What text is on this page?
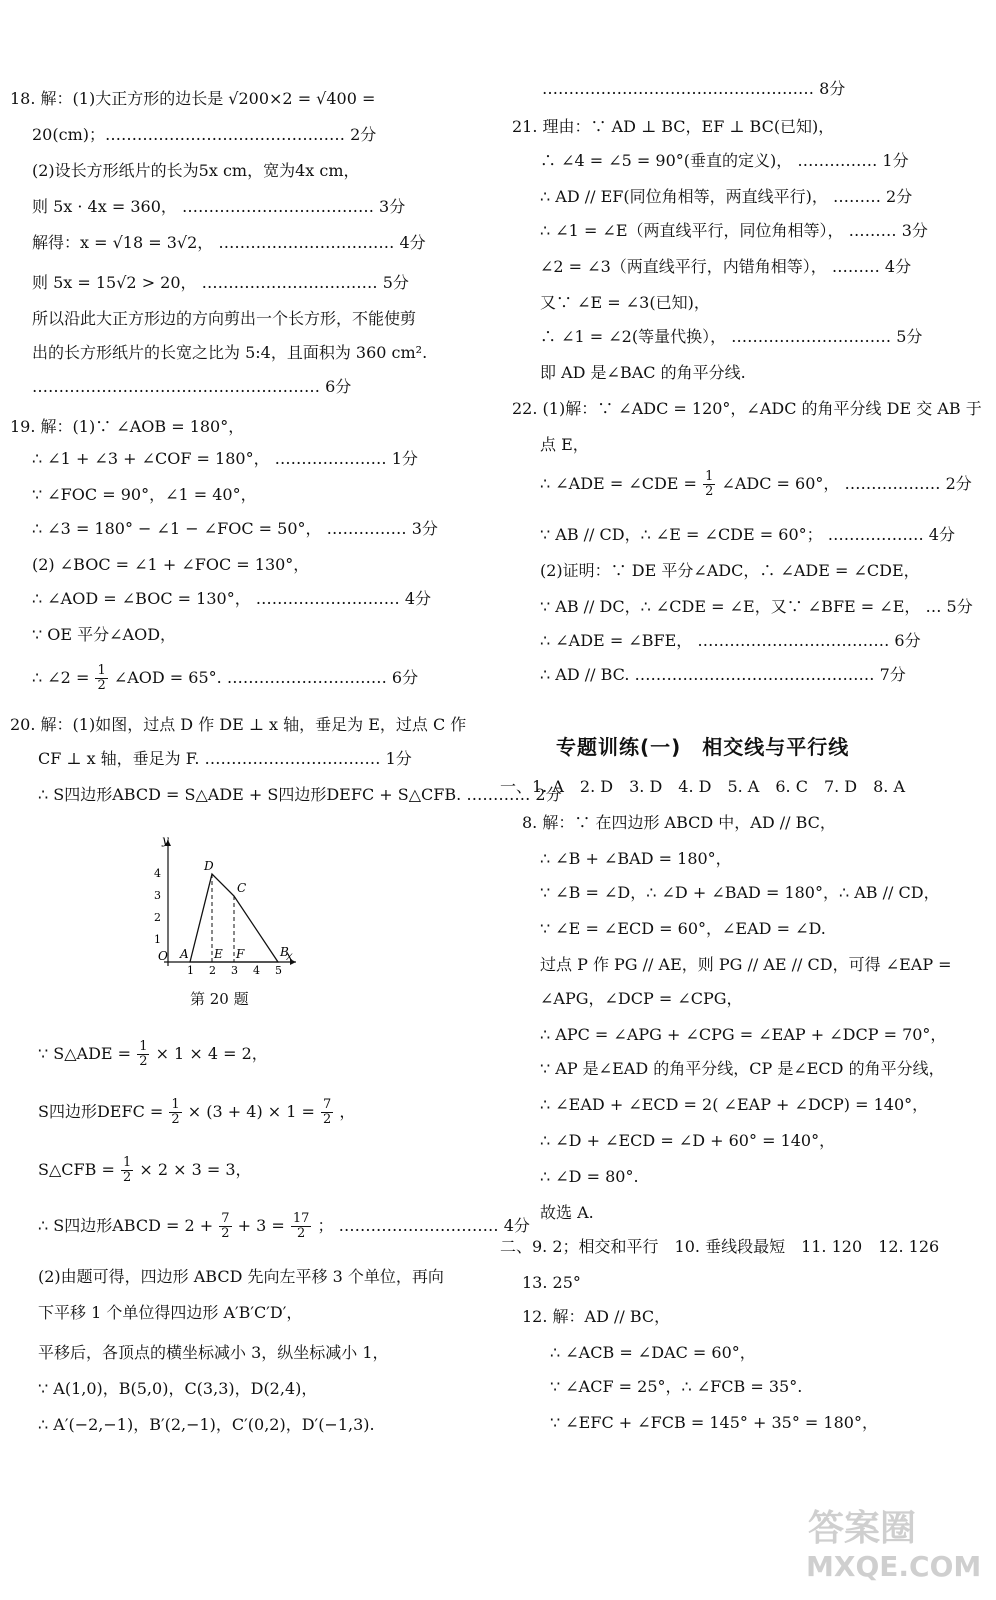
18. 解：(1)大正方形的边长是 √200×2 = √400 =
20(cm)；……………………………………… 2分
(2)设长方形纸片的长为5x cm，宽为4x cm，
则 5x · 4x = 360， ……………………………… 3分
解得：x = √18 = 3√2， …………………………… 4分
则 5x = 15√2 > 20， …………………………… 5分
所以沿此大正方形边的方向剪出一个长方形，不能使剪
出的长方形纸片的长宽之比为 5:4，且面积为 360 cm².
……………………………………………… 6分
19. 解：(1)∵ ∠AOB = 180°，
∴ ∠1 + ∠3 + ∠COF = 180°， ………………… 1分
∵ ∠FOC = 90°，∠1 = 40°，
∴ ∠3 = 180° − ∠1 − ∠FOC = 50°， …………… 3分
(2) ∠BOC = ∠1 + ∠FOC = 130°，
∴ ∠AOD = ∠BOC = 130°， ……………………… 4分
∵ OE 平分∠AOD，
∴ ∠2 = $\frac{1}{2}$ ∠AOD = 65°. ………………………… 6分
20. 解：(1)如图，过点 D 作 DE ⊥ x 轴，垂足为 E，过点 C 作
CF ⊥ x 轴，垂足为 F. …………………………… 1分
∴ S四边形ABCD = S△ADE + S四边形DEFC + S△CFB. ………… 2分
y
x
O
1
2
3
4
1 2 3 4 5
A
D
C
B
E F
第 20 题
∵ S△ADE = $\frac{1}{2} \times 1 \times 4 = 2$，
S四边形DEFC = $\frac{1}{2} \times (3 + 4) \times 1 = \frac{7}{2}$ ，
S△CFB = $\frac{1}{2} \times 2 \times 3 = 3$，
∴ S四边形ABCD = $2 + \frac{7}{2} + 3 = \frac{17}{2}$ ； ………………………… 4分
(2)由题可得，四边形 ABCD 先向左平移 3 个单位，再向
下平移 1 个单位得四边形 A′B′C′D′，
平移后，各顶点的横坐标减小 3，纵坐标减小 1，
∵ A(1,0)，B(5,0)，C(3,3)，D(2,4)，
∴ A′(−2,−1)，B′(2,−1)，C′(0,2)，D′(−1,3).
…………………………………………… 8分
21. 理由：∵ AD ⊥ BC，EF ⊥ BC(已知)，
∴ ∠4 = ∠5 = 90°(垂直的定义)， …………… 1分
∴ AD // EF(同位角相等，两直线平行)， ……… 2分
∴ ∠1 = ∠E（两直线平行，同位角相等）， ……… 3分
∠2 = ∠3（两直线平行，内错角相等）， ……… 4分
又∵ ∠E = ∠3(已知)，
∴ ∠1 = ∠2(等量代换）， ………………………… 5分
即 AD 是∠BAC 的角平分线.
22. (1)解：∵ ∠ADC = 120°，∠ADC 的角平分线 DE 交 AB 于
点 E，
∴ ∠ADE = ∠CDE = $\frac{1}{2}$ ∠ADC = 60°， ……………… 2分
∵ AB // CD，∴ ∠E = ∠CDE = 60°； ……………… 4分
(2)证明：∵ DE 平分∠ADC，∴ ∠ADE = ∠CDE，
∵ AB // DC，∴ ∠CDE = ∠E，又∵ ∠BFE = ∠E， … 5分
∴ ∠ADE = ∠BFE， ……………………………… 6分
∴ AD // BC. ……………………………………… 7分
专题训练(一)　相交线与平行线
一、1. A　2. D　3. D　4. D　5. A　6. C　7. D　8. A
8. 解：∵ 在四边形 ABCD 中，AD // BC，
∴ ∠B + ∠BAD = 180°，
∵ ∠B = ∠D，∴ ∠D + ∠BAD = 180°，∴ AB // CD，
∵ ∠E = ∠ECD = 60°，∠EAD = ∠D.
过点 P 作 PG // AE，则 PG // AE // CD，可得 ∠EAP =
∠APG，∠DCP = ∠CPG，
∴ APC = ∠APG + ∠CPG = ∠EAP + ∠DCP = 70°，
∵ AP 是∠EAD 的角平分线，CP 是∠ECD 的角平分线，
∴ ∠EAD + ∠ECD = 2( ∠EAP + ∠DCP) = 140°，
∴ ∠D + ∠ECD = ∠D + 60° = 140°，
∴ ∠D = 80°.
故选 A.
二、9. 2；相交和平行　10. 垂线段最短　11. 120　12. 126
13. 25°
12. 解：AD // BC，
∴ ∠ACB = ∠DAC = 60°，
∵ ∠ACF = 25°，∴ ∠FCB = 35°.
∵ ∠EFC + ∠FCB = 145° + 35° = 180°，
答案圈
MXQE.COM
